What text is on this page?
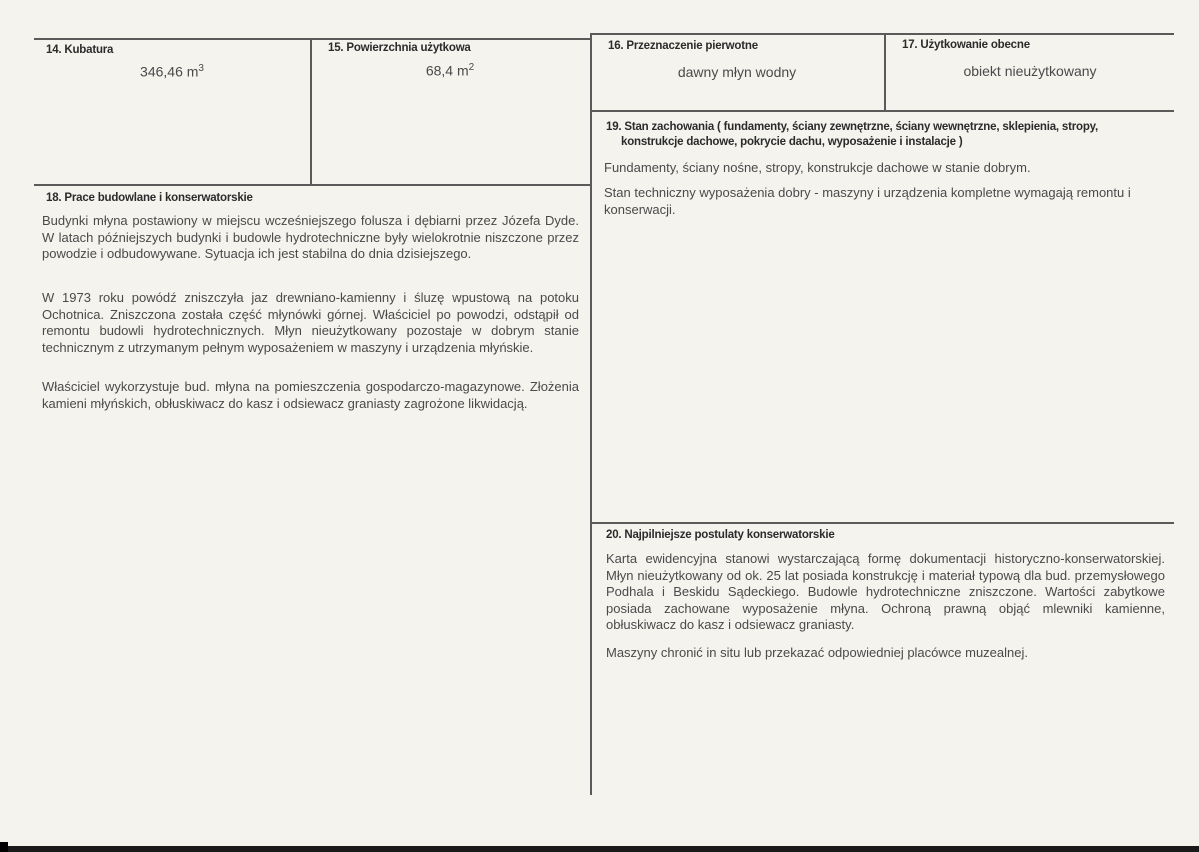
14. Kubatura
346,46 $m^3$
15. Powierzchnia użytkowa
68,4 $m^2$
16. Przeznaczenie pierwotne
dawny młyn wodny
17. Użytkowanie obecne
obiekt nieużytkowany
18. Prace budowlane i konserwatorskie

Budynki młyna postawiony w miejscu wcześniejszego folusza i dębiarni przez Józefa Dyde. W latach późniejszych budynki i budowle hydrotechniczne były wielokrotnie niszczone przez powodzie i odbudowywane. Sytuacja ich jest stabilna do dnia dzisiejszego.

W 1973 roku powódź zniszczyła jaz drewniano-kamienny i śluzę wpustową na potoku Ochotnica. Zniszczona została część młynówki górnej. Właściciel po powodzi, odstąpił od remontu budowli hydrotechnicznych. Młyn nieużytkowany pozostaje w dobrym stanie technicznym z utrzymanym pełnym wyposażeniem w maszyny i urządzenia młyńskie.

Właściciel wykorzystuje bud. młyna na pomieszczenia gospodarczo-magazynowe. Złożenia kamieni młyńskich, obłuskiwacz do kasz i odsiewacz graniasty zagrożone likwidacją.

19. Stan zachowania ( fundamenty, ściany zewnętrzne, ściany wewnętrzne, sklepienia, stropy,
konstrukcje dachowe, pokrycie dachu, wyposażenie i instalacje )

Fundamenty, ściany nośne, stropy, konstrukcje dachowe w stanie dobrym.

Stan techniczny wyposażenia dobry - maszyny i urządzenia kompletne wymagają remontu i konserwacji.

20. Najpilniejsze postulaty konserwatorskie

Karta ewidencyjna stanowi wystarczającą formę dokumentacji historyczno-konserwatorskiej. Młyn nieużytkowany od ok. 25 lat posiada konstrukcję i materiał typową dla bud. przemysłowego Podhala i Beskidu Sądeckiego. Budowle hydrotechniczne zniszczone. Wartości zabytkowe posiada zachowane wyposażenie młyna. Ochroną prawną objąć mlewniki kamienne, obłuskiwacz do kasz i odsiewacz graniasty.

Maszyny chronić in situ lub przekazać odpowiedniej placówce muzealnej.
